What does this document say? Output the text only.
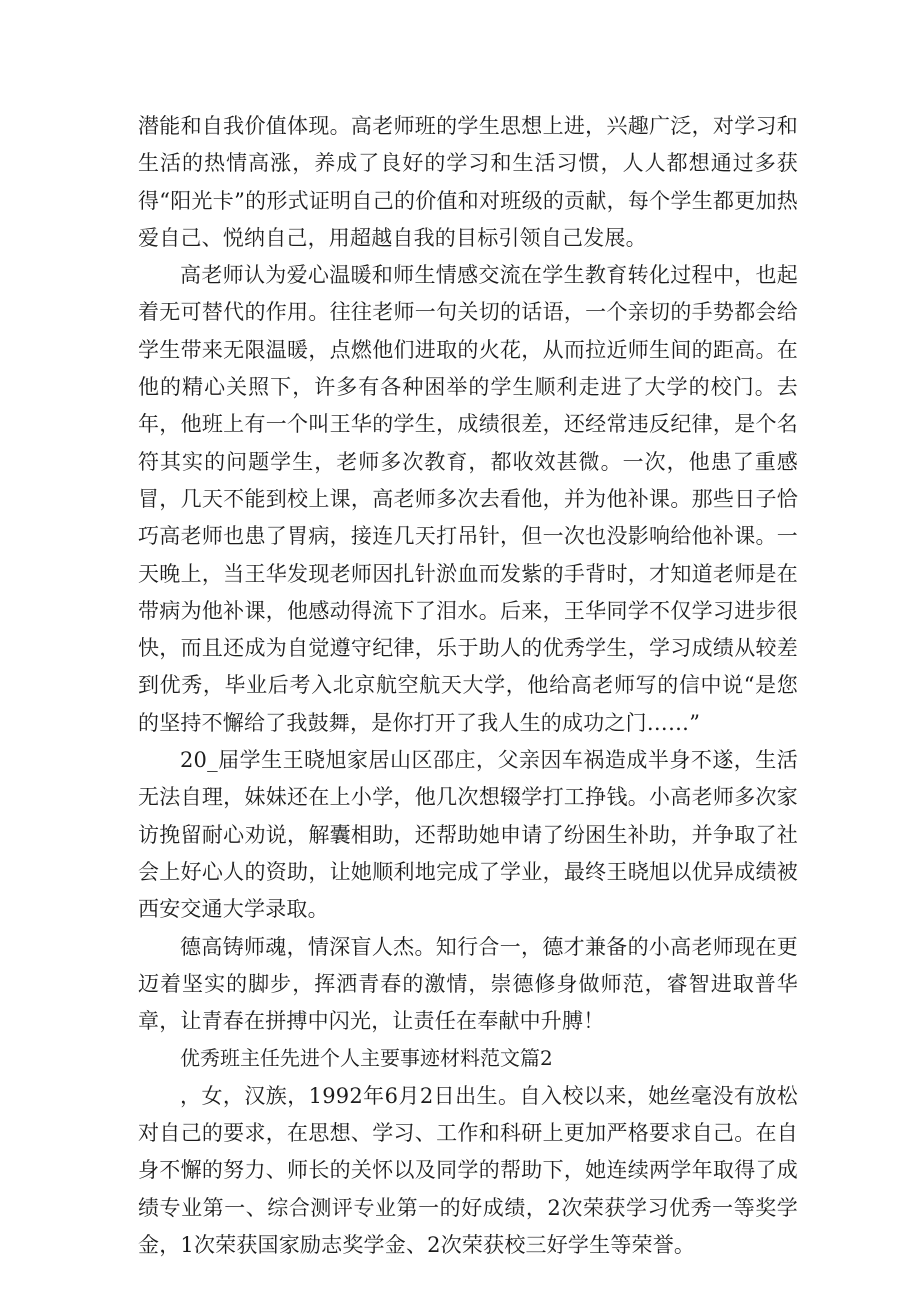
潜能和自我价值体现。高老师班的学生思想上进，兴趣广泛，对学习和生活的热情高涨，养成了良好的学习和生活习惯，人人都想通过多获得“阳光卡”的形式证明自己的价值和对班级的贡献，每个学生都更加热爱自己、悦纳自己，用超越自我的目标引领自己发展。

高老师认为爱心温暖和师生情感交流在学生教育转化过程中，也起着无可替代的作用。往往老师一句关切的话语，一个亲切的手势都会给学生带来无限温暖，点燃他们进取的火花，从而拉近师生间的距高。在他的精心关照下，许多有各种困举的学生顺利走进了大学的校门。去年，他班上有一个叫王华的学生，成绩很差，还经常违反纪律，是个名符其实的问题学生，老师多次教育，都收效甚微。一次，他患了重感冒，几天不能到校上课，高老师多次去看他，并为他补课。那些日子恰巧高老师也患了胃病，接连几天打吊针，但一次也没影响给他补课。一天晚上，当王华发现老师因扎针淤血而发紫的手背时，才知道老师是在带病为他补课，他感动得流下了泪水。后来，王华同学不仅学习进步很快，而且还成为自觉遵守纪律，乐于助人的优秀学生，学习成绩从较差到优秀，毕业后考入北京航空航天大学，他给高老师写的信中说“是您的坚持不懈给了我鼓舞，是你打开了我人生的成功之门……”

20_届学生王晓旭家居山区邵庄，父亲因车祸造成半身不遂，生活无法自理，妹妹还在上小学，他几次想辍学打工挣钱。小高老师多次家访挽留耐心劝说，解囊相助，还帮助她申请了纷困生补助，并争取了社会上好心人的资助，让她顺利地完成了学业，最终王晓旭以优异成绩被西安交通大学录取。

德高铸师魂，情深盲人杰。知行合一，德才兼备的小高老师现在更迈着坚实的脚步，挥洒青春的激情，崇德修身做师范，睿智进取普华章，让青春在拼搏中闪光，让责任在奉献中升膊！

优秀班主任先进个人主要事迹材料范文篇2

，女，汉族，1992年6月2日出生。自入校以来，她丝毫没有放松对自己的要求，在思想、学习、工作和科研上更加严格要求自己。在自身不懈的努力、师长的关怀以及同学的帮助下，她连续两学年取得了成绩专业第一、综合测评专业第一的好成绩，2次荣获学习优秀一等奖学金，1次荣获国家励志奖学金、2次荣获校三好学生等荣誉。
